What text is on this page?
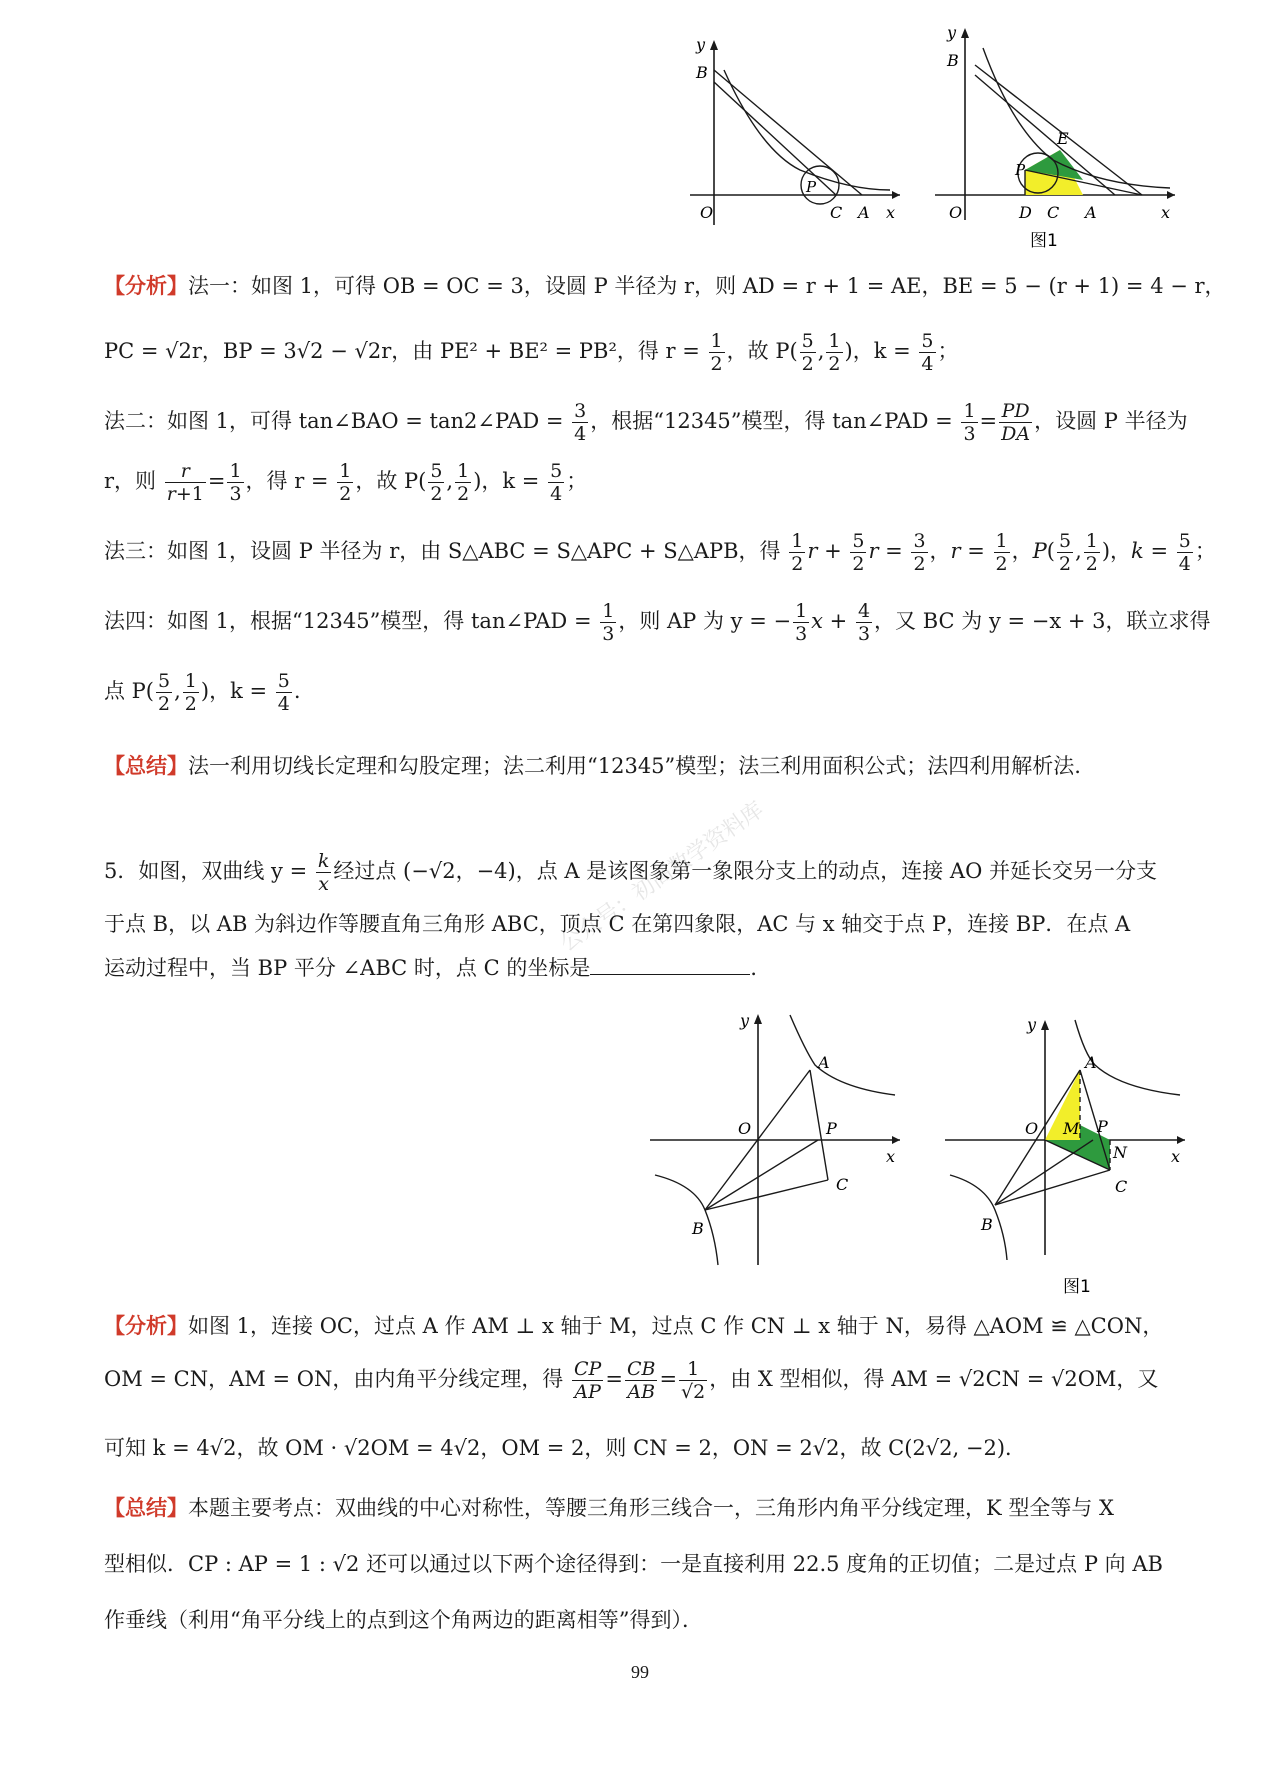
y
B
O
P
C A x
y
B
O
P
E
D C A	x
图1
【分析】法一：如图 1，可得 OB = OC = 3，设圆 P 半径为 r，则 AD = r + 1 = AE，BE = 5 − (r + 1) = 4 − r，
PC = √2r，BP = 3√2 − √2r，由 PE² + BE² = PB²，得 $r = \frac{1}{2}$ ，故 $P( \frac{5}{2}$ , $\frac{1}{2}$ )，$k = \frac{5}{4}$ ；
法二：如图 1，可得 tan∠BAO = tan2∠PAD = $\frac{3}{4}$ ，根据“12345”模型，得 tan∠PAD = $\frac{1}{3} = \frac{PD}{DA}$ ，设圆 P 半径为
r，则 $\frac{r}{r+1} = \frac{1}{3}$ ，得 $r = \frac{1}{2}$ ，故 $P( \frac{5}{2}$ , $\frac{1}{2}$ )，$k = \frac{5}{4}$ ；
法三：如图 1，设圆 P 半径为 r，由 S△ABC = S△APC + S△APB，得 $\frac{1}{2}$ $r + \frac{5}{2}$ $r = \frac{3}{2}$ ，$r = \frac{1}{2}$ ，$P( \frac{5}{2}$ , $\frac{1}{2}$ )，$k = \frac{5}{4}$ ；
法四：如图 1，根据“12345”模型，得 tan∠PAD = $\frac{1}{3}$ ，则 AP 为 y = − $\frac{1}{3}$ $x + \frac{4}{3}$ ，又 BC 为 y = −x + 3，联立求得
点 $P( \frac{5}{2}$ , $\frac{1}{2}$ )，$k = \frac{5}{4}$ .
【总结】法一利用切线长定理和勾股定理；法二利用“12345”模型；法三利用面积公式；法四利用解析法.
公众号：初高数学资料库
5．如图，双曲线 $y = \frac{k}{x}$ 经过点 (−√2，−4)，点 A 是该图象第一象限分支上的动点，连接 AO 并延长交另一分支
于点 B，以 AB 为斜边作等腰直角三角形 ABC，顶点 C 在第四象限，AC 与 x 轴交于点 P，连接 BP．在点 A
运动过程中，当 BP 平分 ∠ABC 时，点 C 的坐标是	．
y
A
O	P
x
C
B
y
A
O M P
N	x
C
B
图1
【分析】如图 1，连接 OC，过点 A 作 AM ⊥ x 轴于 M，过点 C 作 CN ⊥ x 轴于 N，易得 △AOM ≌ △CON，
OM = CN，AM = ON，由内角平分线定理，得 $\frac{CP}{AP} = \frac{CB}{AB} = \frac{1}{√2}$ ，由 X 型相似，得 AM = √2CN = √2OM，又
可知 k = 4√2，故 OM · √2OM = 4√2，OM = 2，则 CN = 2，ON = 2√2，故 C(2√2, −2)．
【总结】本题主要考点：双曲线的中心对称性，等腰三角形三线合一，三角形内角平分线定理，K 型全等与 X
型相似．CP : AP = 1 : √2 还可以通过以下两个途径得到：一是直接利用 22.5 度角的正切值；二是过点 P 向 AB
作垂线（利用“角平分线上的点到这个角两边的距离相等”得到）．
99
